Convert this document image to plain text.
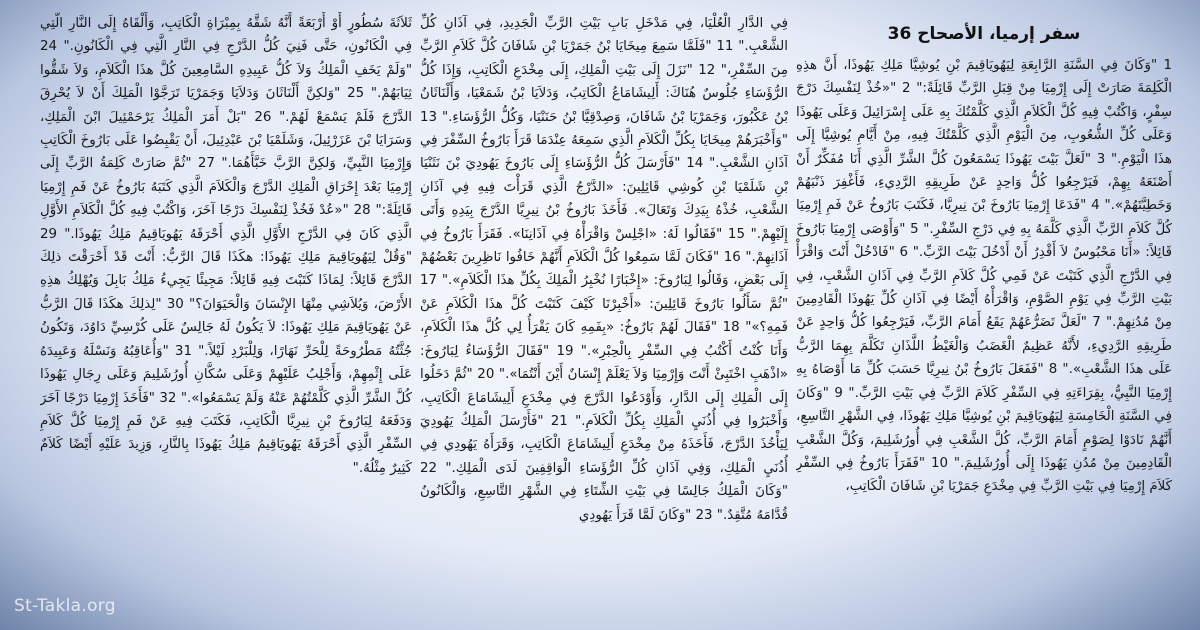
سفر إرميا، الأصحاح 36
1 "وَكَانَ فِي السَّنَةِ الرَّابِعَةِ لِيَهُويَاقِيمَ بْنِ يُوشِيَّا مَلِكِ يَهُوذَا، أَنَّ هذِهِ الْكَلِمَةَ صَارَتْ إِلَى إِرْمِيَا مِنْ قِبَلِ الرَّبِّ قَائِلَةً:" 2 "«خُذْ لِنَفْسِكَ دَرْجَ سِفْرٍ، وَاكْتُبْ فِيهِ كُلَّ الْكَلاَمِ الَّذِي كَلَّمْتُكَ بِهِ عَلَى إِسْرَائِيلَ وَعَلَى يَهُوذَا وَعَلَى كُلِّ الشُّعُوبِ، مِنَ الْيَوْمِ الَّذِي كَلَّمْتُكَ فِيهِ، مِنْ أَيَّامِ يُوشِيَّا إِلَى هذَا الْيَوْمِ." 3 "لَعَلَّ بَيْتَ يَهُوذَا يَسْمَعُونَ كُلَّ الشَّرِّ الَّذِي أَنَا مُفَكِّرٌ أَنْ أَصْنَعَهُ بِهِمْ، فَيَرْجِعُوا كُلُّ وَاحِدٍ عَنْ طَرِيقِهِ الرَّدِيءِ، فَأَغْفِرَ ذَنْبَهُمْ وَخَطِيَّتَهُمْ»." 4 "فَدَعَا إِرْمِيَا بَارُوخَ بْنَ نِيرِيَّا، فَكَتَبَ بَارُوخُ عَنْ فَمِ إِرْمِيَا كُلَّ كَلاَمِ الرَّبِّ الَّذِي كَلَّمَهُ بِهِ فِي دَرْجِ السِّفْرِ." 5 "وَأَوْصَى إِرْمِيَا بَارُوخَ قَائِلاً: «أَنَا مَحْبُوسٌ لاَ أَقْدِرُ أَنْ أَدْخُلَ بَيْتَ الرَّبِّ." 6 "فَادْخُلْ أَنْتَ وَاقْرَأْ فِي الدَّرْجِ الَّذِي كَتَبْتَ عَنْ فَمِي كُلَّ كَلاَمِ الرَّبِّ فِي آذَانِ الشَّعْبِ، فِي بَيْتِ الرَّبِّ فِي يَوْمِ الصَّوْمِ، وَاقْرَأْهُ أَيْضًا فِي آذَانِ كُلِّ يَهُوذَا الْقَادِمِينَ مِنْ مُدُنِهِمْ." 7 "لَعَلَّ تَضَرُّعَهُمْ يَقَعُ أَمَامَ الرَّبِّ، فَيَرْجِعُوا كُلُّ وَاحِدٍ عَنْ طَرِيقِهِ الرَّدِيءِ، لأَنَّهُ عَظِيمٌ الْغَضَبُ وَالْغَيْظُ اللَّذَانِ تَكَلَّمَ بِهِمَا الرَّبُّ عَلَى هذَا الشَّعْبِ»." 8 "فَفَعَلَ بَارُوخُ بْنُ نِيرِيَّا حَسَبَ كُلِّ مَا أَوْصَاهُ بِهِ إِرْمِيَا النَّبِيُّ، بِقِرَاءَتِهِ فِي السِّفْرِ كَلاَمَ الرَّبِّ فِي بَيْتِ الرَّبِّ." 9 "وَكَانَ فِي السَّنَةِ الْخَامِسَةِ لِيَهُويَاقِيمَ بْنِ يُوشِيَّا مَلِكِ يَهُوذَا، فِي الشَّهْرِ التَّاسِعِ، أَنَّهُمْ نَادَوْا لِصَوْمٍ أَمَامَ الرَّبِّ، كُلَّ الشَّعْبِ فِي أُورُشَلِيمَ، وَكُلَّ الشَّعْبِ الْقَادِمِينَ مِنْ مُدُنِ يَهُوذَا إِلَى أُورُشَلِيمَ." 10 "فَقَرَأَ بَارُوخُ فِي السِّفْرِ كَلاَمَ إِرْمِيَا فِي بَيْتِ الرَّبِّ فِي مِخْدَعِ جَمَرْيَا بْنِ شَافَانَ الْكَاتِبِ،
فِي الدَّارِ الْعُلْيَا، فِي مَدْخَلِ بَابِ بَيْتِ الرَّبِّ الْجَدِيدِ، فِي آذَانِ كُلِّ الشَّعْبِ." 11 "فَلَمَّا سَمِعَ مِيخَايَا بْنُ جَمَرْيَا بْنِ شَافَانَ كُلَّ كَلاَمِ الرَّبِّ مِنَ السِّفْرِ،" 12 "نَزَلَ إِلَى بَيْتِ الْمَلِكِ، إِلَى مِخْدَعِ الْكَاتِبِ، وَإِذَا كُلُّ الرُّؤَسَاءِ جُلُوسٌ هُنَاكَ: أَلِيشَامَاعُ الْكَاتِبُ، وَدَلاَيَا بْنُ شَمَعْيَا، وَأَلْنَاثَانُ بْنُ عَكْبُورَ، وَجَمَرْيَا بْنُ شَافَانَ، وَصِدْقِيَّا بْنُ حَنَنْيَا، وَكُلُّ الرُّؤَسَاءِ." 13 "وَأَخْبَرَهُمْ مِيخَايَا بِكُلِّ الْكَلاَمِ الَّذِي سَمِعَهُ عِنْدَمَا قَرَأَ بَارُوخُ السِّفْرَ فِي آذَانِ الشَّعْبِ." 14 "فَأَرْسَلَ كُلُّ الرُّؤَسَاءِ إِلَى بَارُوخَ يَهُودِيَ بْنَ نَثَنْيَا بْنِ شَلَمْيَا بْنِ كُوشِي قَائِلِينَ: «الدَّرْجُ الَّذِي قَرَأْتَ فِيهِ فِي آذَانِ الشَّعْبِ، خُذْهُ بِيَدِكَ وَتَعَالَ». فَأَخَذَ بَارُوخُ بْنُ نِيرِيَّا الدَّرْجَ بِيَدِهِ وَأَتَى إِلَيْهِمْ." 15 "فَقَالُوا لَهُ: «اجْلِسْ وَاقْرَأْهُ فِي آذَانِنَا». فَقَرَأَ بَارُوخُ فِي آذَانِهِمْ." 16 "فَكَانَ لَمَّا سَمِعُوا كُلَّ الْكَلاَمِ أَنَّهُمْ خَافُوا نَاظِرِينَ بَعْضُهُمْ إِلَى بَعْضٍ، وَقَالُوا لِبَارُوخَ: «إِخْبَارًا نُخْبِرُ الْمَلِكَ بِكُلِّ هذَا الْكَلاَمِ»." 17 "ثُمَّ سَأَلُوا بَارُوخَ قَائِلِينَ: «أَخْبِرْنَا كَيْفَ كَتَبْتَ كُلَّ هذَا الْكَلاَمِ عَنْ فَمِهِ؟»" 18 "فَقَالَ لَهُمْ بَارُوخُ: «بِفَمِهِ كَانَ يَقْرَأُ لِي كُلَّ هذَا الْكَلاَمِ، وَأَنَا كُنْتُ أَكْتُبُ فِي السِّفْرِ بِالْحِبْرِ»." 19 "فَقَالَ الرُّؤَسَاءُ لِبَارُوخَ: «اذْهَبِ اخْتَبِئْ أَنْتَ وَإِرْمِيَا وَلاَ يَعْلَمْ إِنْسَانٌ أَيْنَ أَنْتُمَا»." 20 "ثُمَّ دَخَلُوا إِلَى الْمَلِكِ إِلَى الدَّارِ، وَأَوْدَعُوا الدَّرْجَ فِي مِخْدَعِ أَلِيشَامَاعَ الْكَاتِبِ، وَأَخْبَرُوا فِي أُذُنَيِ الْمَلِكِ بِكُلِّ الْكَلاَمِ." 21 "فَأَرْسَلَ الْمَلِكُ يَهُودِيَ لِيَأْخُذَ الدَّرْجَ، فَأَخَذَهُ مِنْ مِخْدَعِ أَلِيشَامَاعَ الْكَاتِبِ، وَقَرَأَهُ يَهُودِي فِي أُذُنَيِ الْمَلِكِ، وَفِي آذَانِ كُلِّ الرُّؤَسَاءِ الْوَاقِفِينَ لَدَى الْمَلِكِ." 22 "وَكَانَ الْمَلِكُ جَالِسًا فِي بَيْتِ الشِّتَاءِ فِي الشَّهْرِ التَّاسِعِ، وَالْكَانُونُ قُدَّامَهُ مُتَّقِدٌ." 23 "وَكَانَ لَمَّا قَرَأَ يَهُودِي
ثَلاَثَةَ سُطُورٍ أَوْ أَرْبَعَةً أَنَّهُ شَقَّهُ بِمِبْرَاةِ الْكَاتِبِ، وَأَلْقَاهُ إِلَى النَّارِ الَّتِي فِي الْكَانُونِ، حَتَّى فَنِيَ كُلُّ الدَّرْجِ فِي النَّارِ الَّتِي فِي الْكَانُونِ." 24 "وَلَمْ يَخَفِ الْمَلِكُ وَلاَ كُلُّ عَبِيدِهِ السَّامِعِينَ كُلَّ هذَا الْكَلاَمِ، وَلاَ شَقُّوا ثِيَابَهُمْ." 25 "وَلكِنَّ أَلْنَاثَانَ وَدَلاَيَا وَجَمَرْيَا تَرَجَّوْا الْمَلِكَ أَنْ لاَ يُحْرِقَ الدَّرْجَ فَلَمْ يَسْمَعْ لَهُمْ." 26 "بَلْ أَمَرَ الْمَلِكُ يَرْحَمْئِيلَ ابْنَ الْمَلِكِ، وَسَرَايَا بْنَ عَزَرْئِيلَ، وَشَلَمْيَا بْنَ عَبْدِئِيلَ، أَنْ يَقْبِضُوا عَلَى بَارُوخَ الْكَاتِبِ وَإِرْمِيَا النَّبِيِّ، وَلكِنَّ الرَّبَّ خَبَّأَهُمَا." 27 "ثُمَّ صَارَتْ كَلِمَةُ الرَّبِّ إِلَى إِرْمِيَا بَعْدَ إِحْرَاقِ الْمَلِكِ الدَّرْجَ وَالْكَلاَمَ الَّذِي كَتَبَهُ بَارُوخُ عَنْ فَمِ إِرْمِيَا قَائِلَةً:" 28 "«عُدْ فَخُذْ لِنَفْسِكَ دَرْجًا آخَرَ، وَاكْتُبْ فِيهِ كُلَّ الْكَلاَمِ الأَوَّلِ الَّذِي كَانَ فِي الدَّرْجِ الأَوَّلِ الَّذِي أَحْرَقَهُ يَهُويَاقِيمُ مَلِكُ يَهُوذَا." 29 "وَقُلْ لِيَهُويَاقِيمَ مَلِكِ يَهُوذَا: هكَذَا قَالَ الرَّبُّ: أَنْتَ قَدْ أَحْرَقْتَ ذلِكَ الدَّرْجَ قَائِلاً: لِمَاذَا كَتَبْتَ فِيهِ قَائِلاً: مَجِيئًا يَجِيءُ مَلِكُ بَابِلَ وَيُهْلِكُ هذِهِ الأَرْضَ، وَيُلاَشِي مِنْهَا الإِنْسَانَ وَالْحَيَوَانَ؟" 30 "لِذلِكَ هكَذَا قَالَ الرَّبُّ عَنْ يَهُويَاقِيمَ مَلِكِ يَهُوذَا: لاَ يَكُونُ لَهُ جَالِسٌ عَلَى كُرْسِيِّ دَاوُدَ، وَتَكُونُ جُثَّتُهُ مَطْرُوحَةً لِلْحَرِّ نَهَارًا، وَلِلْبَرْدِ لَيْلاً." 31 "وَأُعَاقِبُهُ وَنَسْلَهُ وَعَبِيدَهُ عَلَى إِثْمِهِمْ، وَأَجْلِبُ عَلَيْهِمْ وَعَلَى سُكَّانِ أُورُشَلِيمَ وَعَلَى رِجَالِ يَهُوذَا كُلَّ الشَّرِّ الَّذِي كَلَّمْتُهُمْ عَنْهُ وَلَمْ يَسْمَعُوا»." 32 "فَأَخَذَ إِرْمِيَا دَرْجًا آخَرَ وَدَفَعَهُ لِبَارُوخَ بْنِ نِيرِيَّا الْكَاتِبِ، فَكَتَبَ فِيهِ عَنْ فَمِ إِرْمِيَا كُلَّ كَلاَمِ السِّفْرِ الَّذِي أَحْرَقَهُ يَهُويَاقِيمُ مَلِكُ يَهُوذَا بِالنَّارِ، وَزِيدَ عَلَيْهِ أَيْضًا كَلاَمٌ كَثِيرٌ مِثْلُهُ."
St-Takla.org
